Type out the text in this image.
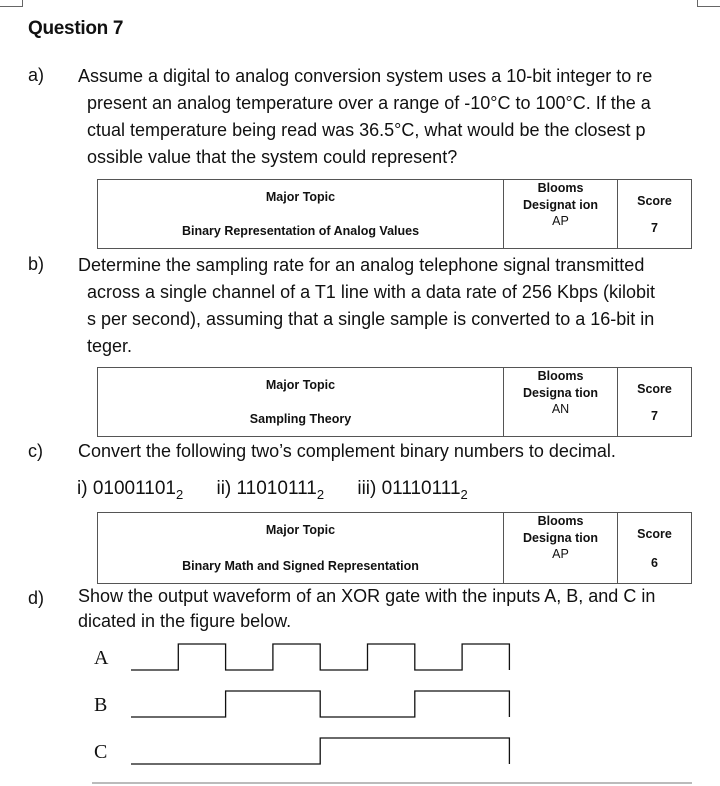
Question 7
a) Assume a digital to analog conversion system uses a 10-bit integer to re
present an analog temperature over a range of -10°C to 100°C. If the a
ctual temperature being read was 36.5°C, what would be the closest p
ossible value that the system could represent?
Major Topic
Binary Representation of Analog Values
Blooms Designat ion
AP
Score
7
b) Determine the sampling rate for an analog telephone signal transmitted
across a single channel of a T1 line with a data rate of 256 Kbps (kilobit
s per second), assuming that a single sample is converted to a 16-bit in
teger.
Major Topic
Sampling Theory
Blooms Designa tion
AN
Score
7
c) Convert the following two’s complement binary numbers to decimal.
i) $01001101_2$ ii) $11010111_2$ iii) $01110111_2$
Major Topic
Binary Math and Signed Representation
Blooms Designa tion
AP
Score
6
d) Show the output waveform of an XOR gate with the inputs A, B, and C in
dicated in the figure below.
A
B
C
